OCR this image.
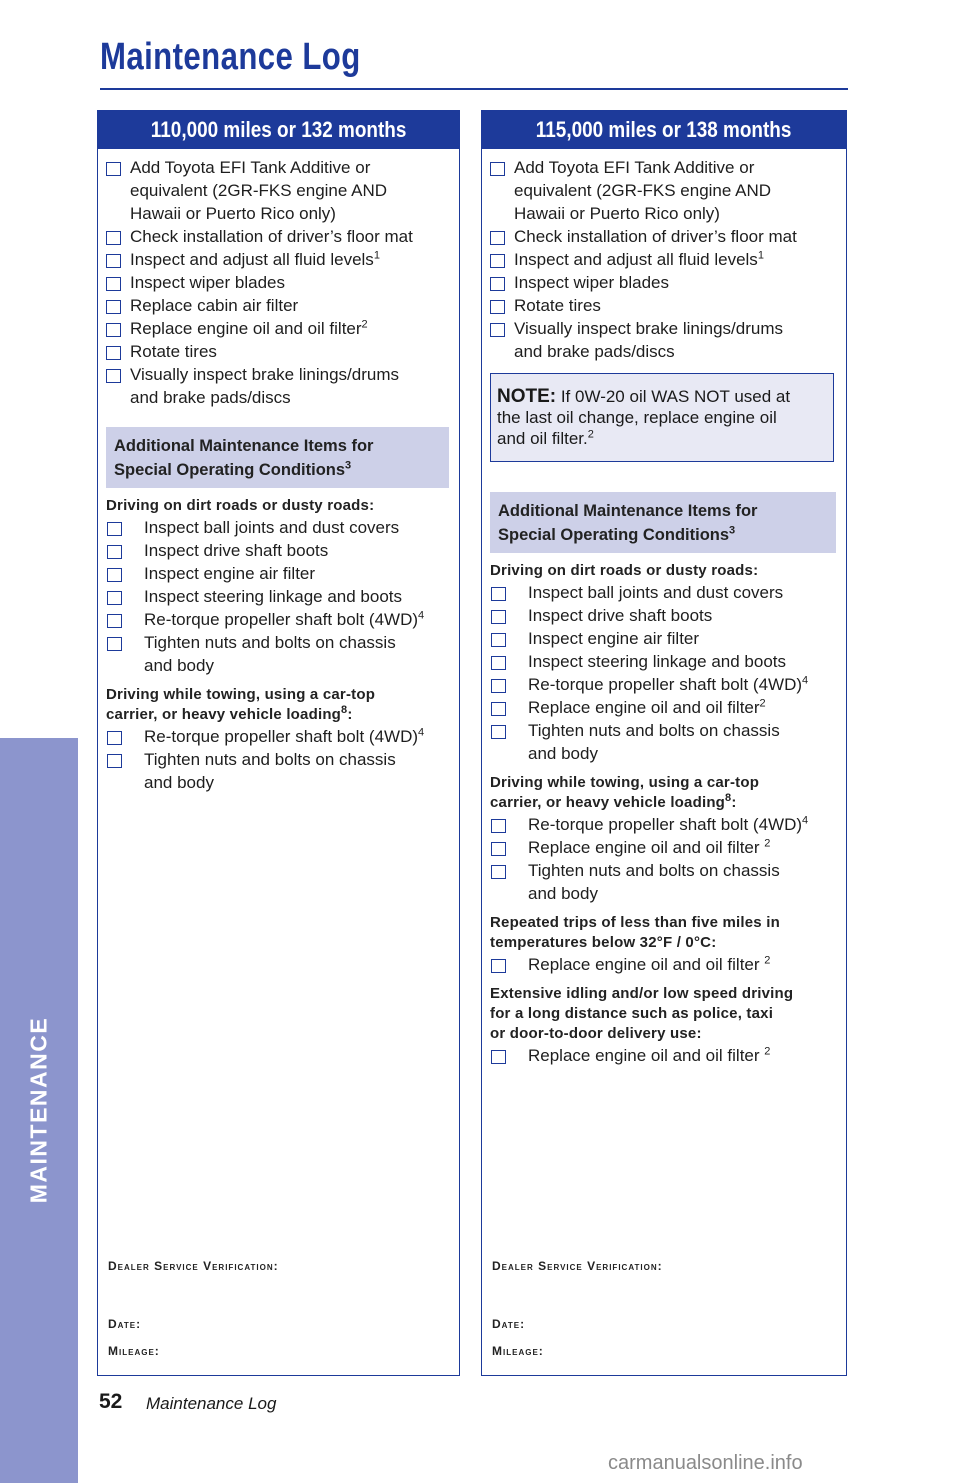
Maintenance Log
MAINTENANCE
110,000 miles or 132 months
Add Toyota EFI Tank Additive or
equivalent (2GR-FKS engine AND
Hawaii or Puerto Rico only)
Check installation of driver’s floor mat
Inspect and adjust all fluid levels$^1$
Inspect wiper blades
Replace cabin air filter
Replace engine oil and oil filter$^2$
Rotate tires
Visually inspect brake linings/drums
and brake pads/discs
Additional Maintenance Items for
Special Operating Conditions$^3$
Driving on dirt roads or dusty roads:
Inspect ball joints and dust covers
Inspect drive shaft boots
Inspect engine air filter
Inspect steering linkage and boots
Re-torque propeller shaft bolt $(4WD)^4$
Tighten nuts and bolts on chassis
and body
Driving while towing, using a car-top
carrier, or heavy vehicle loading$^8$:
Re-torque propeller shaft bolt $(4WD)^4$
Tighten nuts and bolts on chassis
and body
Dealer Service Verification:
Date:
Mileage:
115,000 miles or 138 months
Add Toyota EFI Tank Additive or
equivalent (2GR-FKS engine AND
Hawaii or Puerto Rico only)
Check installation of driver’s floor mat
Inspect and adjust all fluid levels$^1$
Inspect wiper blades
Rotate tires
Visually inspect brake linings/drums
and brake pads/discs
NOTE: If 0W-20 oil WAS NOT used at
the last oil change, replace engine oil
and oil filter.$^2$
Additional Maintenance Items for
Special Operating Conditions$^3$
Driving on dirt roads or dusty roads:
Inspect ball joints and dust covers
Inspect drive shaft boots
Inspect engine air filter
Inspect steering linkage and boots
Re-torque propeller shaft bolt $(4WD)^4$
Replace engine oil and oil filter$^2$
Tighten nuts and bolts on chassis
and body
Driving while towing, using a car-top
carrier, or heavy vehicle loading$^8$:
Re-torque propeller shaft bolt $(4WD)^4$
Replace engine oil and oil filter $^2$
Tighten nuts and bolts on chassis
and body
Repeated trips of less than five miles in
temperatures below 32°F / 0°C:
Replace engine oil and oil filter $^2$
Extensive idling and/or low speed driving
for a long distance such as police, taxi
or door-to-door delivery use:
Replace engine oil and oil filter $^2$
Dealer Service Verification:
Date:
Mileage:
52 Maintenance Log
carmanualsonline.info
